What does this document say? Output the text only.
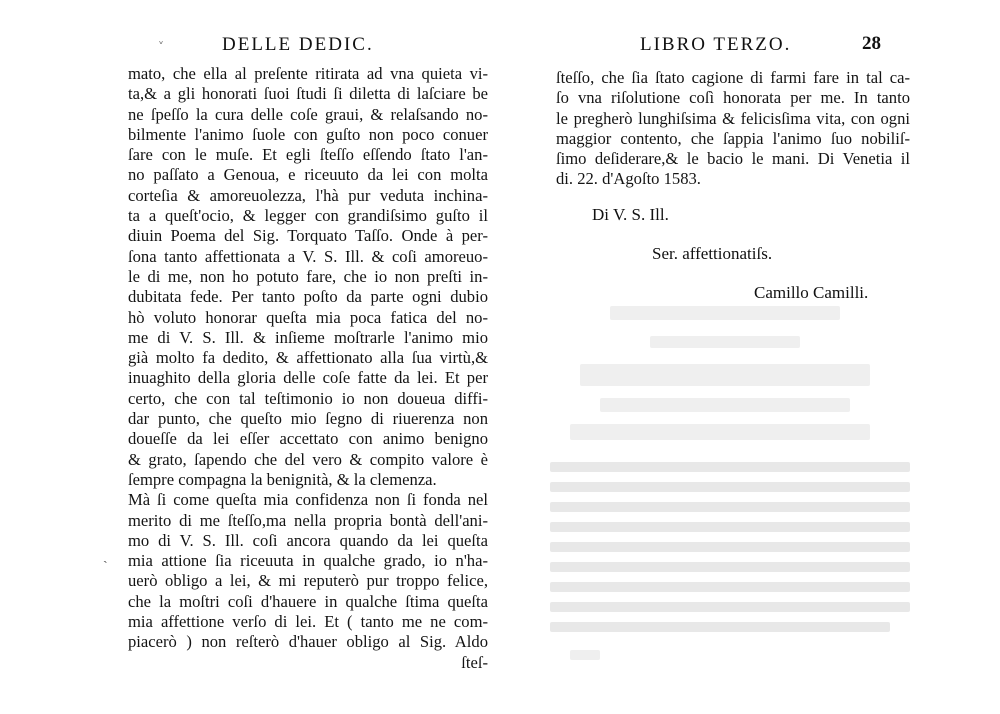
˅	DELLE DEDIC.
mato, che ella al preſente ritirata ad vna quieta vi-
ta,& a gli honorati ſuoi ſtudi ſi diletta di laſciare be
ne ſpeſſo la cura delle coſe graui, & relaſsando no-
bilmente l'animo ſuole con guſto non poco conuer
ſare con le muſe. Et egli ſteſſo eſſendo ſtato l'an-
no paſſato a Genoua, e riceuuto da lei con molta
corteſia & amoreuolezza, l'hà pur veduta inchina-
ta a queſt'ocio, & legger con grandiſsimo guſto il
diuin Poema del Sig. Torquato Taſſo. Onde à per-
ſona tanto affettionata a V. S. Ill. & coſi amoreuo-
le di me, non ho potuto fare, che io non preſti in-
dubitata fede. Per tanto poſto da parte ogni dubio
hò voluto honorar queſta mia poca fatica del no-
me di V. S. Ill. & inſieme moſtrarle l'animo mio
già molto fa dedito, & affettionato alla ſua virtù,&
inuaghito della gloria delle coſe fatte da lei. Et per
certo, che con tal teſtimonio io non doueua diffi-
dar punto, che queſto mio ſegno di riuerenza non
doueſſe da lei eſſer accettato con animo benigno
& grato, ſapendo che del vero & compito valore è
ſempre compagna la benignità, & la clemenza.
Mà ſi come queſta mia confidenza non ſi fonda nel
merito di me ſteſſo,ma nella propria bontà dell'ani-
mo di V. S. Ill. coſi ancora quando da lei queſta
mia attione ſia riceuuta in qualche grado, io n'ha-
uerò obligo a lei, & mi reputerò pur troppo felice,
che la moſtri coſi d'hauere in qualche ſtima queſta
mia affettione verſo di lei. Et ( tanto me ne com-
piacerò ) non reſterò d'hauer obligo al Sig. Aldo
ſteſ-
ˎ
LIBRO TERZO.	28
ſteſſo, che ſia ſtato cagione di farmi fare in tal ca-
ſo vna riſolutione coſì honorata per me. In tanto
le pregherò lunghiſsima & felicisſima vita, con ogni
maggior contento, che ſappia l'animo ſuo nobiliſ-
ſimo deſiderare,& le bacio le mani. Di Venetia il
di. 22. d'Agoſto 1583.
Di V. S. Ill.
Ser. affettionatiſs.
Camillo Camilli.
